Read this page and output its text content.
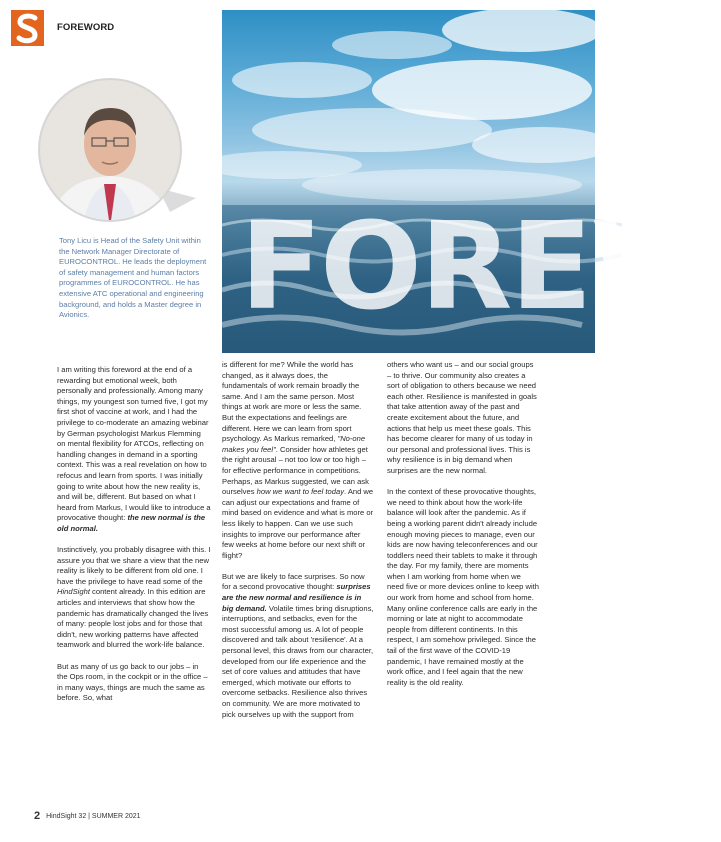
FOREWORD
FOREW

Tony Licu is Head of the Safety Unit within the Network Manager Directorate of EUROCONTROL. He leads the deployment of safety management and human factors programmes of EUROCONTROL. He has extensive ATC operational and engineering background, and holds a Master degree in Avionics.

I am writing this foreword at the end of a rewarding but emotional week, both personally and professionally. Among many things, my youngest son turned five, I got my first shot of vaccine at work, and I had the privilege to co-moderate an amazing webinar by German psychologist Markus Flemming on mental flexibility for ATCOs, reflecting on handling changes in demand in a sporting context. This was a real revelation on how to refocus and learn from sports. I was initially going to write about how the new reality is, and will be, different. But based on what I heard from Markus, I would like to introduce a provocative thought: the new normal is the old normal.

Instinctively, you probably disagree with this. I assure you that we share a view that the new reality is likely to be different from old one. I have the privilege to have read some of the HindSight content already. In this edition are articles and interviews that show how the pandemic has dramatically changed the lives of many: people lost jobs and for those that didn't, new working patterns have affected teamwork and blurred the work-life balance.

But as many of us go back to our jobs – in the Ops room, in the cockpit or in the office – in many ways, things are much the same as before. So, what

is different for me? While the world has changed, as it always does, the fundamentals of work remain broadly the same. And I am the same person. Most things at work are more or less the same. But the expectations and feelings are different. Here we can learn from sport psychology. As Markus remarked, "No-one makes you feel". Consider how athletes get the right arousal – not too low or too high – for effective performance in competitions. Perhaps, as Markus suggested, we can ask ourselves how we want to feel today. And we can adjust our expectations and frame of mind based on evidence and what is more or less likely to happen. Can we use such insights to improve our performance after few weeks at home before our next shift or flight?

But we are likely to face surprises. So now for a second provocative thought: surprises are the new normal and resilience is in big demand. Volatile times bring disruptions, interruptions, and setbacks, even for the most successful among us. A lot of people discovered and talk about 'resilience'. At a personal level, this draws from our character, developed from our life experience and the set of core values and attitudes that have emerged, which motivate our efforts to overcome setbacks. Resilience also thrives on community. We are more motivated to pick ourselves up with the support from

others who want us – and our social groups – to thrive. Our community also creates a sort of obligation to others because we need each other. Resilience is manifested in goals that take attention away of the past and create excitement about the future, and actions that help us meet these goals. This has become clearer for many of us today in our personal and professional lives. This is why resilience is in big demand when surprises are the new normal.

In the context of these provocative thoughts, we need to think about how the work-life balance will look after the pandemic. As if being a working parent didn't already include enough moving pieces to manage, even our kids are now having teleconferences and our toddlers need their tablets to make it through the day. For my family, there are moments when I am working from home when we need five or more devices online to keep with our work from home and school from home. Many online conference calls are early in the morning or late at night to accommodate people from different continents. In this respect, I am somehow privileged. Since the tail of the first wave of the COVID-19 pandemic, I have remained mostly at the work office, and I feel again that the new reality is the old reality.

2 HindSight 32 | SUMMER 2021
